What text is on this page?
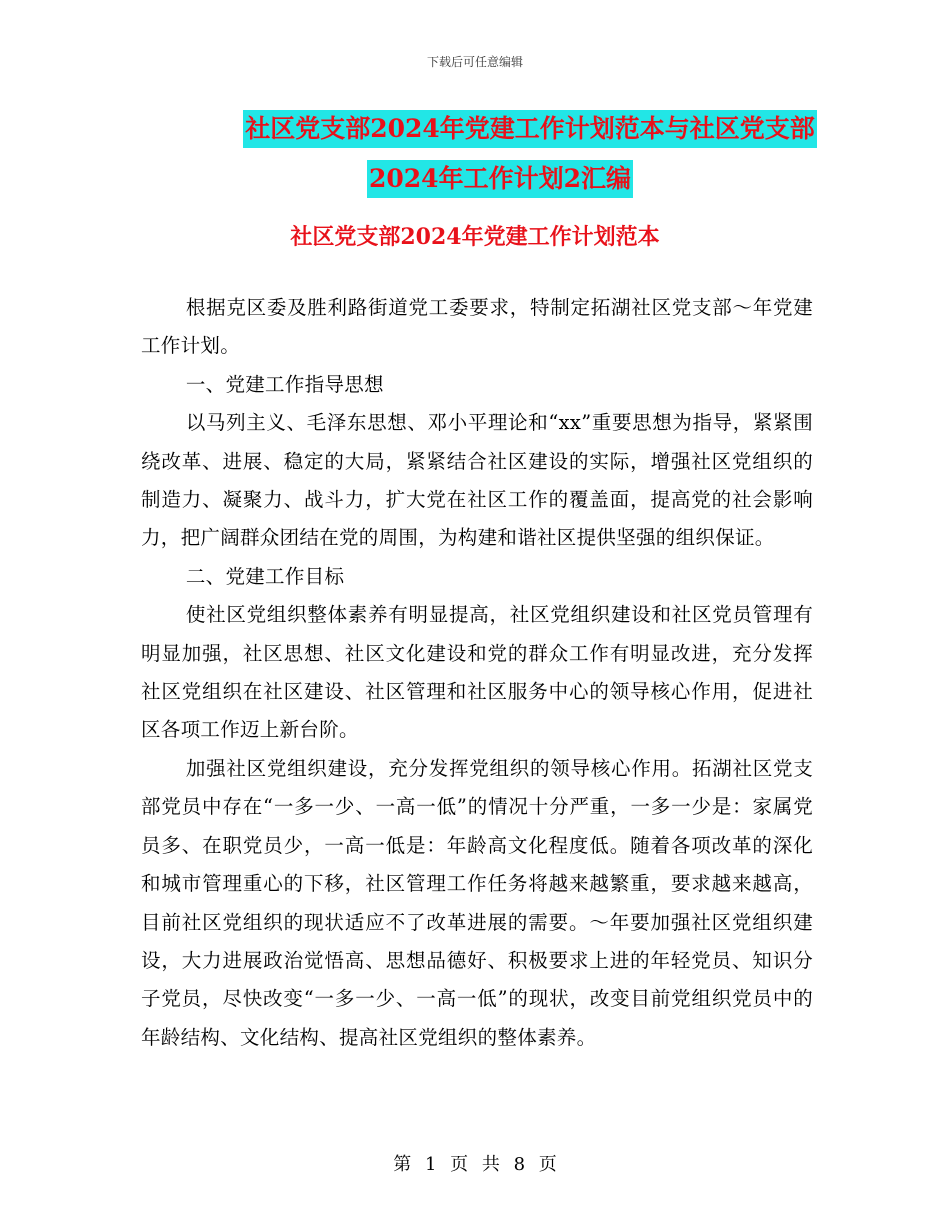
下载后可任意编辑
社区党支部2024年党建工作计划范本与社区党支部
2024年工作计划2汇编
社区党支部2024年党建工作计划范本

根据克区委及胜利路街道党工委要求，特制定拓湖社区党支部～年党建工作计划。

一、党建工作指导思想

以马列主义、毛泽东思想、邓小平理论和“xx”重要思想为指导，紧紧围绕改革、进展、稳定的大局，紧紧结合社区建设的实际，增强社区党组织的制造力、凝聚力、战斗力，扩大党在社区工作的覆盖面，提高党的社会影响力，把广阔群众团结在党的周围，为构建和谐社区提供坚强的组织保证。

二、党建工作目标

使社区党组织整体素养有明显提高，社区党组织建设和社区党员管理有明显加强，社区思想、社区文化建设和党的群众工作有明显改进，充分发挥社区党组织在社区建设、社区管理和社区服务中心的领导核心作用，促进社区各项工作迈上新台阶。

加强社区党组织建设，充分发挥党组织的领导核心作用。拓湖社区党支部党员中存在“一多一少、一高一低”的情况十分严重，一多一少是：家属党员多、在职党员少，一高一低是：年龄高文化程度低。随着各项改革的深化和城市管理重心的下移，社区管理工作任务将越来越繁重，要求越来越高，目前社区党组织的现状适应不了改革进展的需要。～年要加强社区党组织建设，大力进展政治觉悟高、思想品德好、积极要求上进的年轻党员、知识分子党员，尽快改变“一多一少、一高一低”的现状，改变目前党组织党员中的年龄结构、文化结构、提高社区党组织的整体素养。

第 1 页 共 8 页
